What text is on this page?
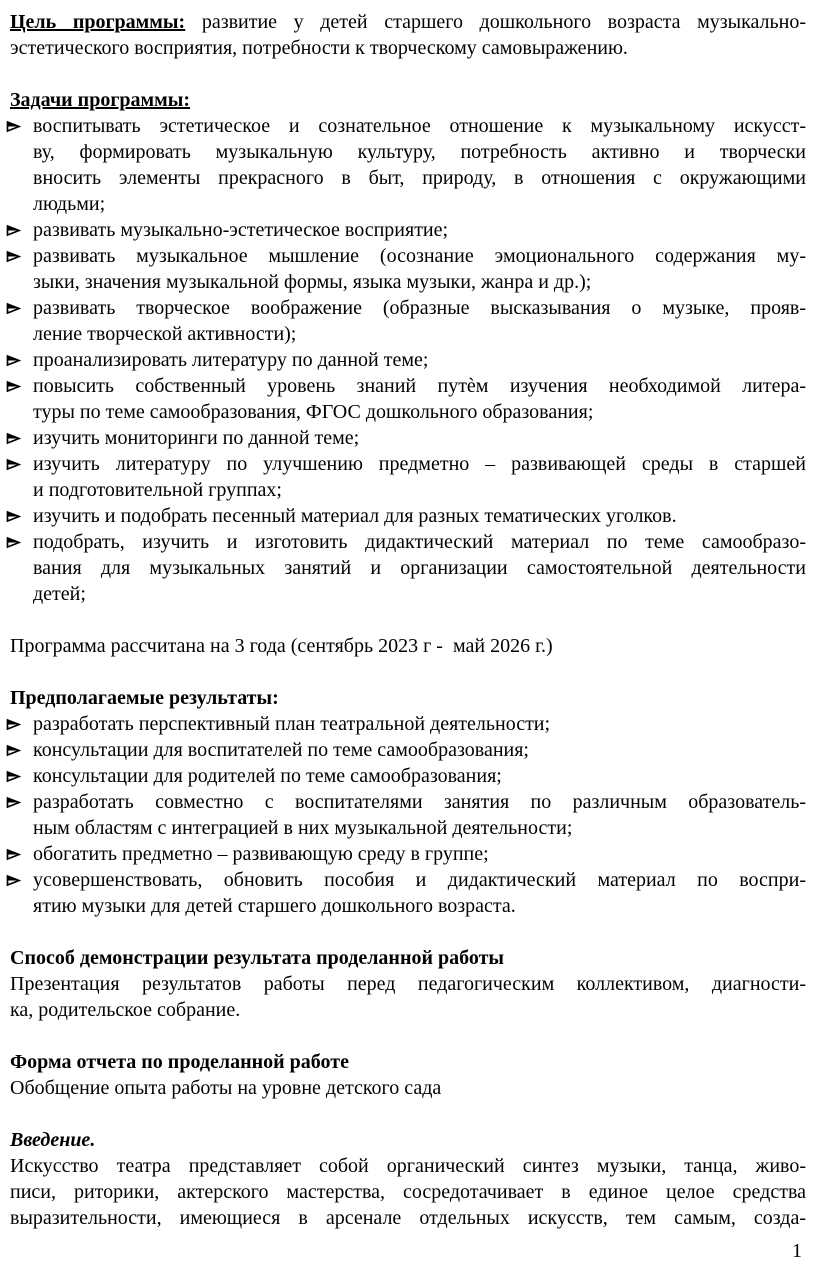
Цель программы: развитие у детей старшего дошкольного возраста музыкально-
эстетического восприятия, потребности к творческому самовыражению.
Задачи программы:
воспитывать эстетическое и сознательное отношение к музыкальному искусст-
ву, формировать музыкальную культуру, потребность активно и творчески
вносить элементы прекрасного в быт, природу, в отношения с окружающими
людьми;
развивать музыкально-эстетическое восприятие;
развивать музыкальное мышление (осознание эмоционального содержания му-
зыки, значения музыкальной формы, языка музыки, жанра и др.);
развивать творческое воображение (образные высказывания о музыке, прояв-
ление творческой активности);
проанализировать литературу по данной теме;
повысить собственный уровень знаний путѐм изучения необходимой литера-
туры по теме самообразования, ФГОС дошкольного образования;
изучить мониторинги по данной теме;
изучить литературу по улучшению предметно – развивающей среды в старшей
и подготовительной группах;
изучить и подобрать песенный материал для разных тематических уголков.
подобрать, изучить и изготовить дидактический материал по теме самообразо-
вания для музыкальных занятий и организации самостоятельной деятельности
детей;
Программа рассчитана на 3 года (сентябрь 2023 г -  май 2026 г.)
Предполагаемые результаты:
разработать перспективный план театральной деятельности;
консультации для воспитателей по теме самообразования;
консультации для родителей по теме самообразования;
разработать совместно с воспитателями занятия по различным образователь-
ным областям с интеграцией в них музыкальной деятельности;
обогатить предметно – развивающую среду в группе;
усовершенствовать, обновить пособия и дидактический материал по воспри-
ятию музыки для детей старшего дошкольного возраста.
Способ демонстрации результата проделанной работы
Презентация результатов работы перед педагогическим коллективом, диагности-
ка, родительское собрание.
Форма отчета по проделанной работе
Обобщение опыта работы на уровне детского сада
Введение.
Искусство театра представляет собой органический синтез музыки, танца, живо-
писи, риторики, актерского мастерства, сосредотачивает в единое целое средства
выразительности, имеющиеся в арсенале отдельных искусств, тем самым, созда-
1
